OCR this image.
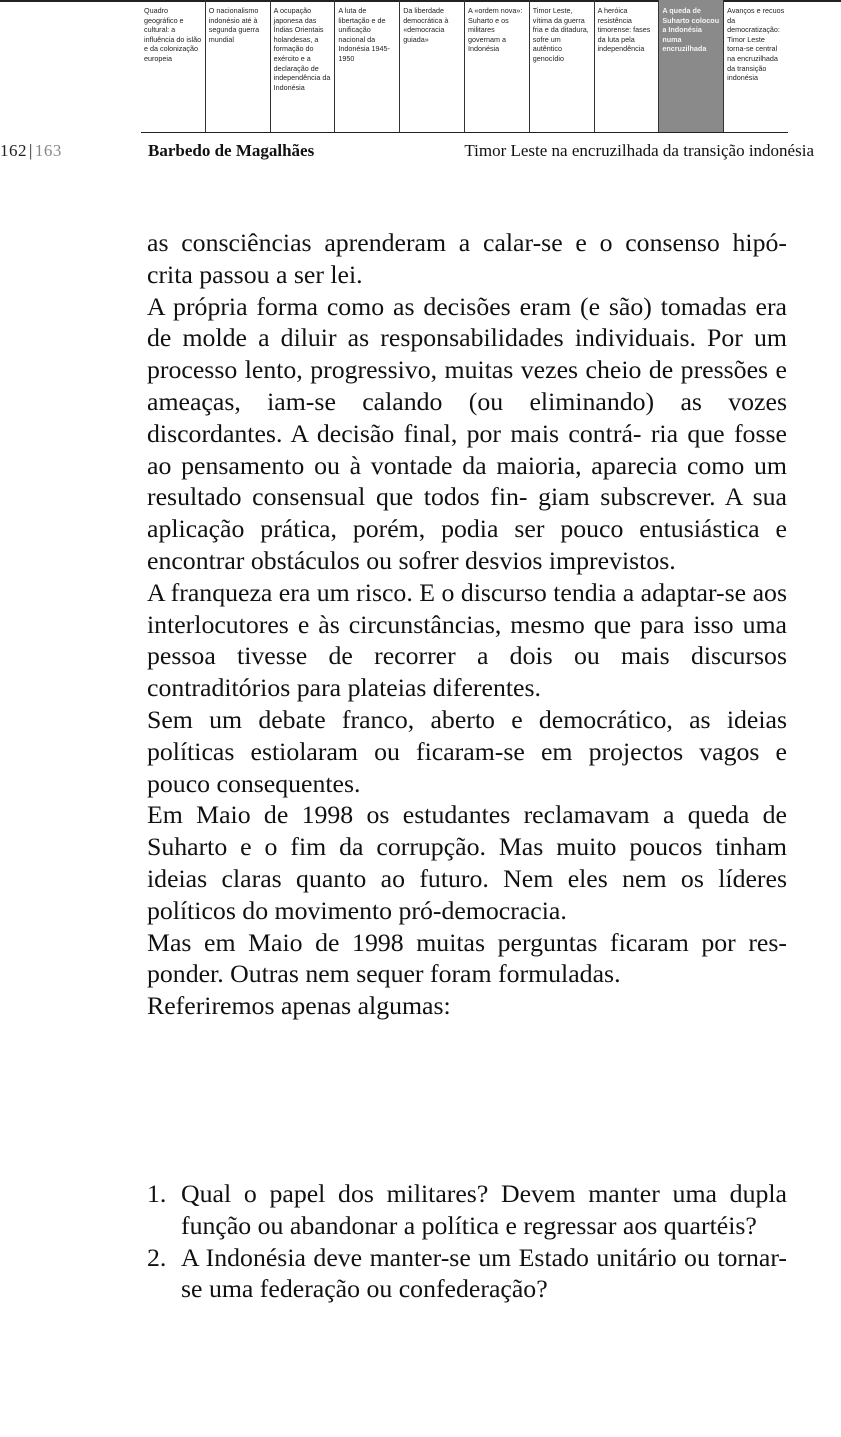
Quadro geográfico e cultural: a influência do islão e da colonização europeia
O nacionalismo indonésio até à segunda guerra mundial
A ocupação japonesa das Índias Orientais holandesas, a formação do exército e a declaração de independência da Indonésia
A luta de libertação e de unificação nacional da Indonésia 1945-1950
Da liberdade democrática à «democracia guiada»
A «ordem nova»: Suharto e os militares governam a Indonésia
Timor Leste, vítima da guerra fria e da ditadura, sofre um autêntico genocídio
A heróica resistência timorense: fases da luta pela independência
A queda de Suharto colocou a Indonésia numa encruzilhada
Avanços e recuos da democratização: Timor Leste torna-se central na encruzilhada da transição indonésia
162 | 163	Barbedo de Magalhães	Timor Leste na encruzilhada da transição indonésia

as consciências aprenderam a calar-se e o consenso hipó- crita passou a ser lei.

A própria forma como as decisões eram (e são) tomadas era de molde a diluir as responsabilidades individuais. Por um processo lento, progressivo, muitas vezes cheio de pressões e ameaças, iam-se calando (ou eliminando) as vozes discordantes. A decisão final, por mais contrá- ria que fosse ao pensamento ou à vontade da maioria, aparecia como um resultado consensual que todos fin- giam subscrever. A sua aplicação prática, porém, podia ser pouco entusiástica e encontrar obstáculos ou sofrer desvios imprevistos.

A franqueza era um risco. E o discurso tendia a adaptar-se aos interlocutores e às circunstâncias, mesmo que para isso uma pessoa tivesse de recorrer a dois ou mais discursos contraditórios para plateias diferentes.

Sem um debate franco, aberto e democrático, as ideias políticas estiolaram ou ficaram-se em projectos vagos e pouco consequentes.

Em Maio de 1998 os estudantes reclamavam a queda de Suharto e o fim da corrupção. Mas muito poucos tinham ideias claras quanto ao futuro. Nem eles nem os líderes políticos do movimento pró-democracia.

Mas em Maio de 1998 muitas perguntas ficaram por res- ponder. Outras nem sequer foram formuladas.

Referiremos apenas algumas:

1. Qual o papel dos militares? Devem manter uma dupla função ou abandonar a política e regressar aos quartéis?
2. A Indonésia deve manter-se um Estado unitário ou tornar-se uma federação ou confederação?
